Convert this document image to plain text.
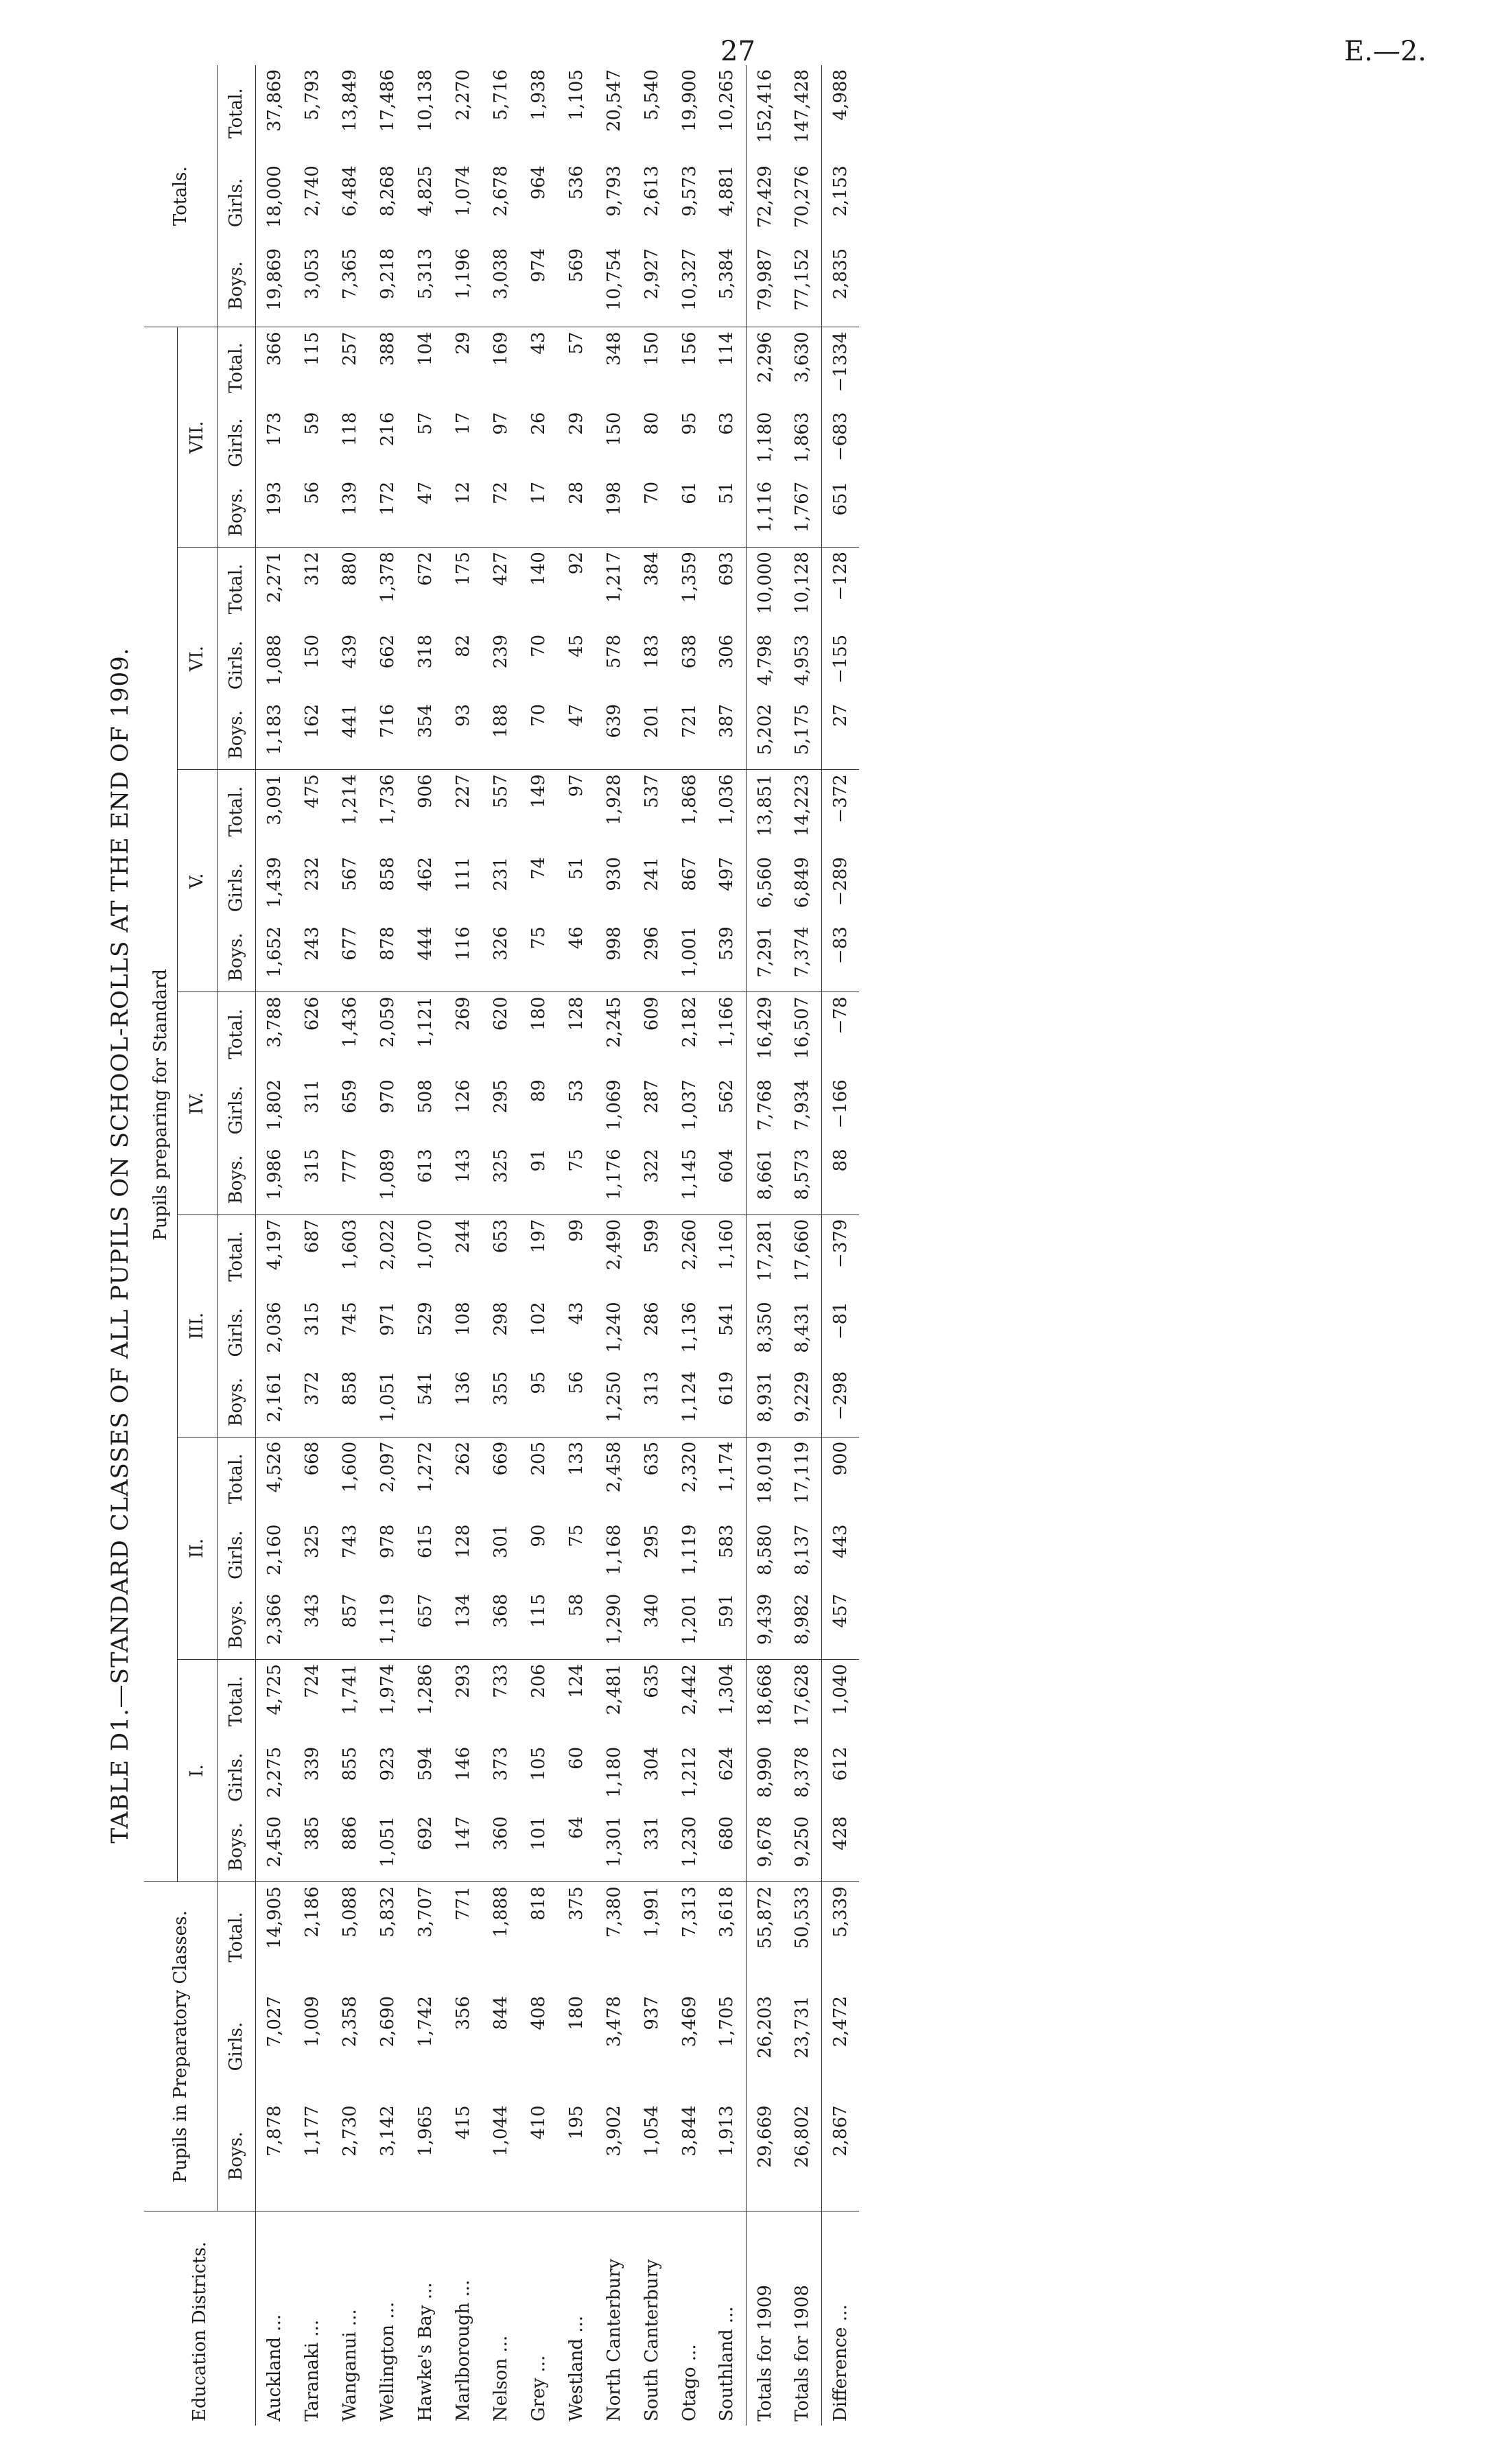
27	E.—2.
TABLE D1.—STANDARD CLASSES OF ALL PUPILS ON SCHOOL-ROLLS AT THE END OF 1909.
Education Districts.	Pupils in Preparatory Classes.			Pupils preparing for Standard																					Totals.		
				I.			II.			III.			IV.			V.			VI.			VII.					
	Boys.	Girls.	Total.	Boys.	Girls.	Total.	Boys.	Girls.	Total.	Boys.	Girls.	Total.	Boys.	Girls.	Total.	Boys.	Girls.	Total.	Boys.	Girls.	Total.	Boys.	Girls.	Total.	Boys.	Girls.	Total.
Auckland ...	7,878	7,027	14,905	2,450	2,275	4,725	2,366	2,160	4,526	2,161	2,036	4,197	1,986	1,802	3,788	1,652	1,439	3,091	1,183	1,088	2,271	193	173	366	19,869	18,000	37,869
Taranaki ...	1,177	1,009	2,186	385	339	724	343	325	668	372	315	687	315	311	626	243	232	475	162	150	312	56	59	115	3,053	2,740	5,793
Wanganui ...	2,730	2,358	5,088	886	855	1,741	857	743	1,600	858	745	1,603	777	659	1,436	677	567	1,214	441	439	880	139	118	257	7,365	6,484	13,849
Wellington ...	3,142	2,690	5,832	1,051	923	1,974	1,119	978	2,097	1,051	971	2,022	1,089	970	2,059	878	858	1,736	716	662	1,378	172	216	388	9,218	8,268	17,486
Hawke's Bay ...	1,965	1,742	3,707	692	594	1,286	657	615	1,272	541	529	1,070	613	508	1,121	444	462	906	354	318	672	47	57	104	5,313	4,825	10,138
Marlborough ...	415	356	771	147	146	293	134	128	262	136	108	244	143	126	269	116	111	227	93	82	175	12	17	29	1,196	1,074	2,270
Nelson ...	1,044	844	1,888	360	373	733	368	301	669	355	298	653	325	295	620	326	231	557	188	239	427	72	97	169	3,038	2,678	5,716
Grey ...	410	408	818	101	105	206	115	90	205	95	102	197	91	89	180	75	74	149	70	70	140	17	26	43	974	964	1,938
Westland ...	195	180	375	64	60	124	58	75	133	56	43	99	75	53	128	46	51	97	47	45	92	28	29	57	569	536	1,105
North Canterbury	3,902	3,478	7,380	1,301	1,180	2,481	1,290	1,168	2,458	1,250	1,240	2,490	1,176	1,069	2,245	998	930	1,928	639	578	1,217	198	150	348	10,754	9,793	20,547
South Canterbury	1,054	937	1,991	331	304	635	340	295	635	313	286	599	322	287	609	296	241	537	201	183	384	70	80	150	2,927	2,613	5,540
Otago ...	3,844	3,469	7,313	1,230	1,212	2,442	1,201	1,119	2,320	1,124	1,136	2,260	1,145	1,037	2,182	1,001	867	1,868	721	638	1,359	61	95	156	10,327	9,573	19,900
Southland ...	1,913	1,705	3,618	680	624	1,304	591	583	1,174	619	541	1,160	604	562	1,166	539	497	1,036	387	306	693	51	63	114	5,384	4,881	10,265
Totals for 1909	29,669	26,203	55,872	9,678	8,990	18,668	9,439	8,580	18,019	8,931	8,350	17,281	8,661	7,768	16,429	7,291	6,560	13,851	5,202	4,798	10,000	1,116	1,180	2,296	79,987	72,429	152,416
Totals for 1908	26,802	23,731	50,533	9,250	8,378	17,628	8,982	8,137	17,119	9,229	8,431	17,660	8,573	7,934	16,507	7,374	6,849	14,223	5,175	4,953	10,128	1,767	1,863	3,630	77,152	70,276	147,428
Difference ...	2,867	2,472	5,339	428	612	1,040	457	443	900	−298	−81	−379	88	−166	−78	−83	−289	−372	27	−155	−128	651	−683	−1334	2,835	2,153	4,988
